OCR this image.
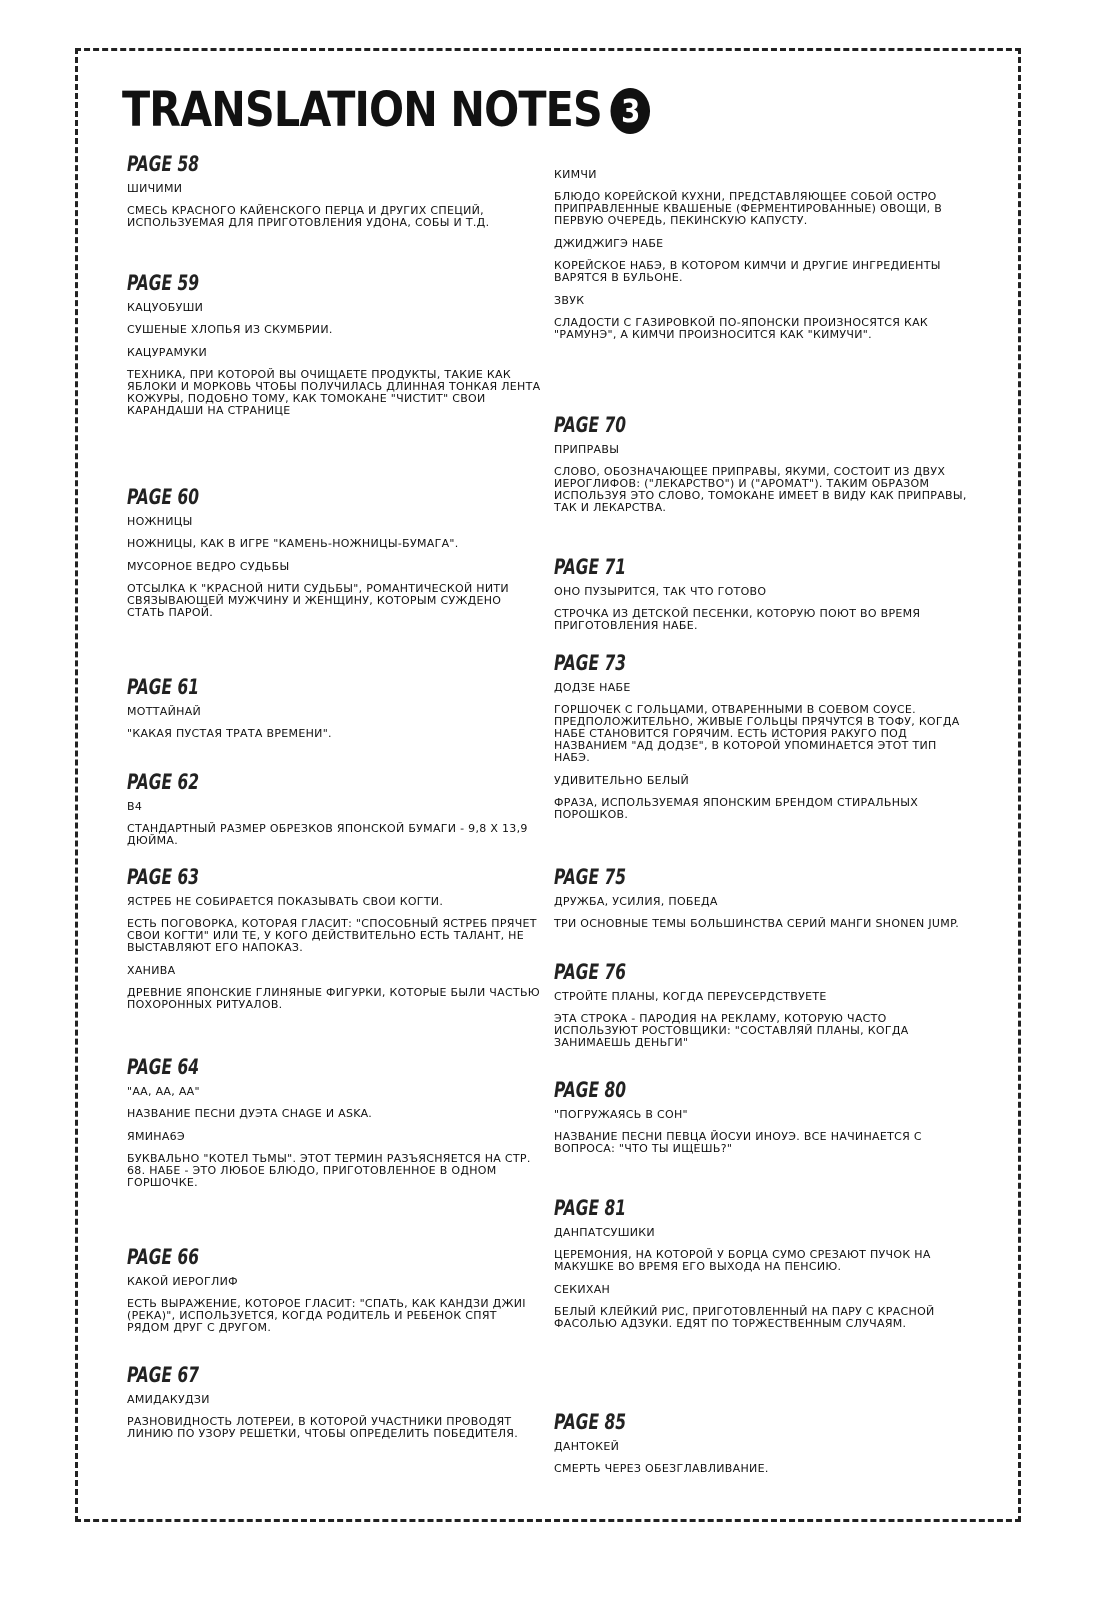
TRANSLATION NOTES 3
PAGE 58
ШИЧИМИ
СМЕСЬ КРАСНОГО КАЙЕНСКОГО ПЕРЦА И ДРУГИХ СПЕЦИЙ, ИСПОЛЬЗУЕМАЯ ДЛЯ ПРИГОТОВЛЕНИЯ УДОНА, СОБЫ И Т.Д.
PAGE 59
КАЦУОБУШИ
СУШЕНЫЕ ХЛОПЬЯ ИЗ СКУМБРИИ.
КАЦУРАМУКИ
ТЕХНИКА, ПРИ КОТОРОЙ ВЫ ОЧИЩАЕТЕ ПРОДУКТЫ, ТАКИЕ КАК ЯБЛОКИ И МОРКОВЬ ЧТОБЫ ПОЛУЧИЛАСЬ ДЛИННАЯ ТОНКАЯ ЛЕНТА КОЖУРЫ, ПОДОБНО ТОМУ, КАК ТОМОКАНЕ "ЧИСТИТ" СВОИ КАРАНДАШИ НА СТРАНИЦЕ
PAGE 60
НОЖНИЦЫ
НОЖНИЦЫ, КАК В ИГРЕ "КАМЕНЬ-НОЖНИЦЫ-БУМАГА".
МУСОРНОЕ ВЕДРО СУДЬБЫ
ОТСЫЛКА К "КРАСНОЙ НИТИ СУДЬБЫ", РОМАНТИЧЕСКОЙ НИТИ СВЯЗЫВАЮЩЕЙ МУЖЧИНУ И ЖЕНЩИНУ, КОТОРЫМ СУЖДЕНО СТАТЬ ПАРОЙ.
PAGE 61
МОТТАЙНАЙ
"КАКАЯ ПУСТАЯ ТРАТА ВРЕМЕНИ".
PAGE 62
B4
СТАНДАРТНЫЙ РАЗМЕР ОБРЕЗКОВ ЯПОНСКОЙ БУМАГИ - 9,8 X 13,9 ДЮЙМА.
PAGE 63
ЯСТРЕБ НЕ СОБИРАЕТСЯ ПОКАЗЫВАТЬ СВОИ КОГТИ.
ЕСТЬ ПОГОВОРКА, КОТОРАЯ ГЛАСИТ: "СПОСОБНЫЙ ЯСТРЕБ ПРЯЧЕТ СВОИ КОГТИ" ИЛИ ТЕ, У КОГО ДЕЙСТВИТЕЛЬНО ЕСТЬ ТАЛАНТ, НЕ ВЫСТАВЛЯЮТ ЕГО НАПОКАЗ.
ХАНИВА
ДРЕВНИЕ ЯПОНСКИЕ ГЛИНЯНЫЕ ФИГУРКИ, КОТОРЫЕ БЫЛИ ЧАСТЬЮ ПОХОРОННЫХ РИТУАЛОВ.
PAGE 64
"АА, АА, АА"
НАЗВАНИЕ ПЕСНИ ДУЭТА CHAGE И ASKA.
ЯМИНА6Э
БУКВАЛЬНО "КОТЕЛ ТЬМЫ". ЭТОТ ТЕРМИН РАЗЪЯСНЯЕТСЯ НА СТР. 68. НАБЕ - ЭТО ЛЮБОЕ БЛЮДО, ПРИГОТОВЛЕННОЕ В ОДНОМ ГОРШОЧКЕ.
PAGE 66
КАКОЙ ИЕРОГЛИФ
ЕСТЬ ВЫРАЖЕНИЕ, КОТОРОЕ ГЛАСИТ: "СПАТЬ, КАК КАНДЗИ ДЖИІ (РЕКА)", ИСПОЛЬЗУЕТСЯ, КОГДА РОДИТЕЛЬ И РЕБЕНОК СПЯТ РЯДОМ ДРУГ С ДРУГОМ.
PAGE 67
АМИДАКУДЗИ
РАЗНОВИДНОСТЬ ЛОТЕРЕИ, В КОТОРОЙ УЧАСТНИКИ ПРОВОДЯТ ЛИНИЮ ПО УЗОРУ РЕШЕТКИ, ЧТОБЫ ОПРЕДЕЛИТЬ ПОБЕДИТЕЛЯ.
КИМЧИ
БЛЮДО КОРЕЙСКОЙ КУХНИ, ПРЕДСТАВЛЯЮЩЕЕ СОБОЙ ОСТРО ПРИПРАВЛЕННЫЕ КВАШЕНЫЕ (ФЕРМЕНТИРОВАННЫЕ) ОВОЩИ, В ПЕРВУЮ ОЧЕРЕДЬ, ПЕКИНСКУЮ КАПУСТУ.
ДЖИДЖИГЭ НАБЕ
КОРЕЙСКОЕ НАБЭ, В КОТОРОМ КИМЧИ И ДРУГИЕ ИНГРЕДИЕНТЫ ВАРЯТСЯ В БУЛЬОНЕ.
ЗВУК
СЛАДОСТИ С ГАЗИРОВКОЙ ПО-ЯПОНСКИ ПРОИЗНОСЯТСЯ КАК "РАМУНЭ", А КИМЧИ ПРОИЗНОСИТСЯ КАК "КИМУЧИ".
PAGE 70
ПРИПРАВЫ
СЛОВО, ОБОЗНАЧАЮЩЕЕ ПРИПРАВЫ, ЯКУМИ, СОСТОИТ ИЗ ДВУХ ИЕРОГЛИФОВ: ("ЛЕКАРСТВО") И ("АРОМАТ"). ТАКИМ ОБРАЗОМ ИСПОЛЬЗУЯ ЭТО СЛОВО, ТОМОКАНЕ ИМЕЕТ В ВИДУ КАК ПРИПРАВЫ, ТАК И ЛЕКАРСТВА.
PAGE 71
ОНО ПУЗЫРИТСЯ, ТАК ЧТО ГОТОВО
СТРОЧКА ИЗ ДЕТСКОЙ ПЕСЕНКИ, КОТОРУЮ ПОЮТ ВО ВРЕМЯ ПРИГОТОВЛЕНИЯ НАБЕ.
PAGE 73
ДОДЗЕ НАБЕ
ГОРШОЧЕК С ГОЛЬЦАМИ, ОТВАРЕННЫМИ В СОЕВОМ СОУСЕ. ПРЕДПОЛОЖИТЕЛЬНО, ЖИВЫЕ ГОЛЬЦЫ ПРЯЧУТСЯ В ТОФУ, КОГДА НАБЕ СТАНОВИТСЯ ГОРЯЧИМ. ЕСТЬ ИСТОРИЯ РАКУГО ПОД НАЗВАНИЕМ "АД ДОДЗЕ", В КОТОРОЙ УПОМИНАЕТСЯ ЭТОТ ТИП НАБЭ.
УДИВИТЕЛЬНО БЕЛЫЙ
ФРАЗА, ИСПОЛЬЗУЕМАЯ ЯПОНСКИМ БРЕНДОМ СТИРАЛЬНЫХ ПОРОШКОВ.
PAGE 75
ДРУЖБА, УСИЛИЯ, ПОБЕДА
ТРИ ОСНОВНЫЕ ТЕМЫ БОЛЬШИНСТВА СЕРИЙ МАНГИ SHONEN JUMP.
PAGE 76
СТРОЙТЕ ПЛАНЫ, КОГДА ПЕРЕУСЕРДСТВУЕТЕ
ЭТА СТРОКА - ПАРОДИЯ НА РЕКЛАМУ, КОТОРУЮ ЧАСТО ИСПОЛЬЗУЮТ РОСТОВЩИКИ: "СОСТАВЛЯЙ ПЛАНЫ, КОГДА ЗАНИМАЕШЬ ДЕНЬГИ"
PAGE 80
"ПОГРУЖАЯСЬ В СОН"
НАЗВАНИЕ ПЕСНИ ПЕВЦА ЙОСУИ ИНОУЭ. ВСЕ НАЧИНАЕТСЯ С ВОПРОСА: "ЧТО ТЫ ИЩЕШЬ?"
PAGE 81
ДАНПАТСУШИКИ
ЦЕРЕМОНИЯ, НА КОТОРОЙ У БОРЦА СУМО СРЕЗАЮТ ПУЧОК НА МАКУШКЕ ВО ВРЕМЯ ЕГО ВЫХОДА НА ПЕНСИЮ.
СЕКИХАН
БЕЛЫЙ КЛЕЙКИЙ РИС, ПРИГОТОВЛЕННЫЙ НА ПАРУ С КРАСНОЙ ФАСОЛЬЮ АДЗУКИ. ЕДЯТ ПО ТОРЖЕСТВЕННЫМ СЛУЧАЯМ.
PAGE 85
ДАНТОКЕЙ
СМЕРТЬ ЧЕРЕЗ ОБЕЗГЛАВЛИВАНИЕ.
